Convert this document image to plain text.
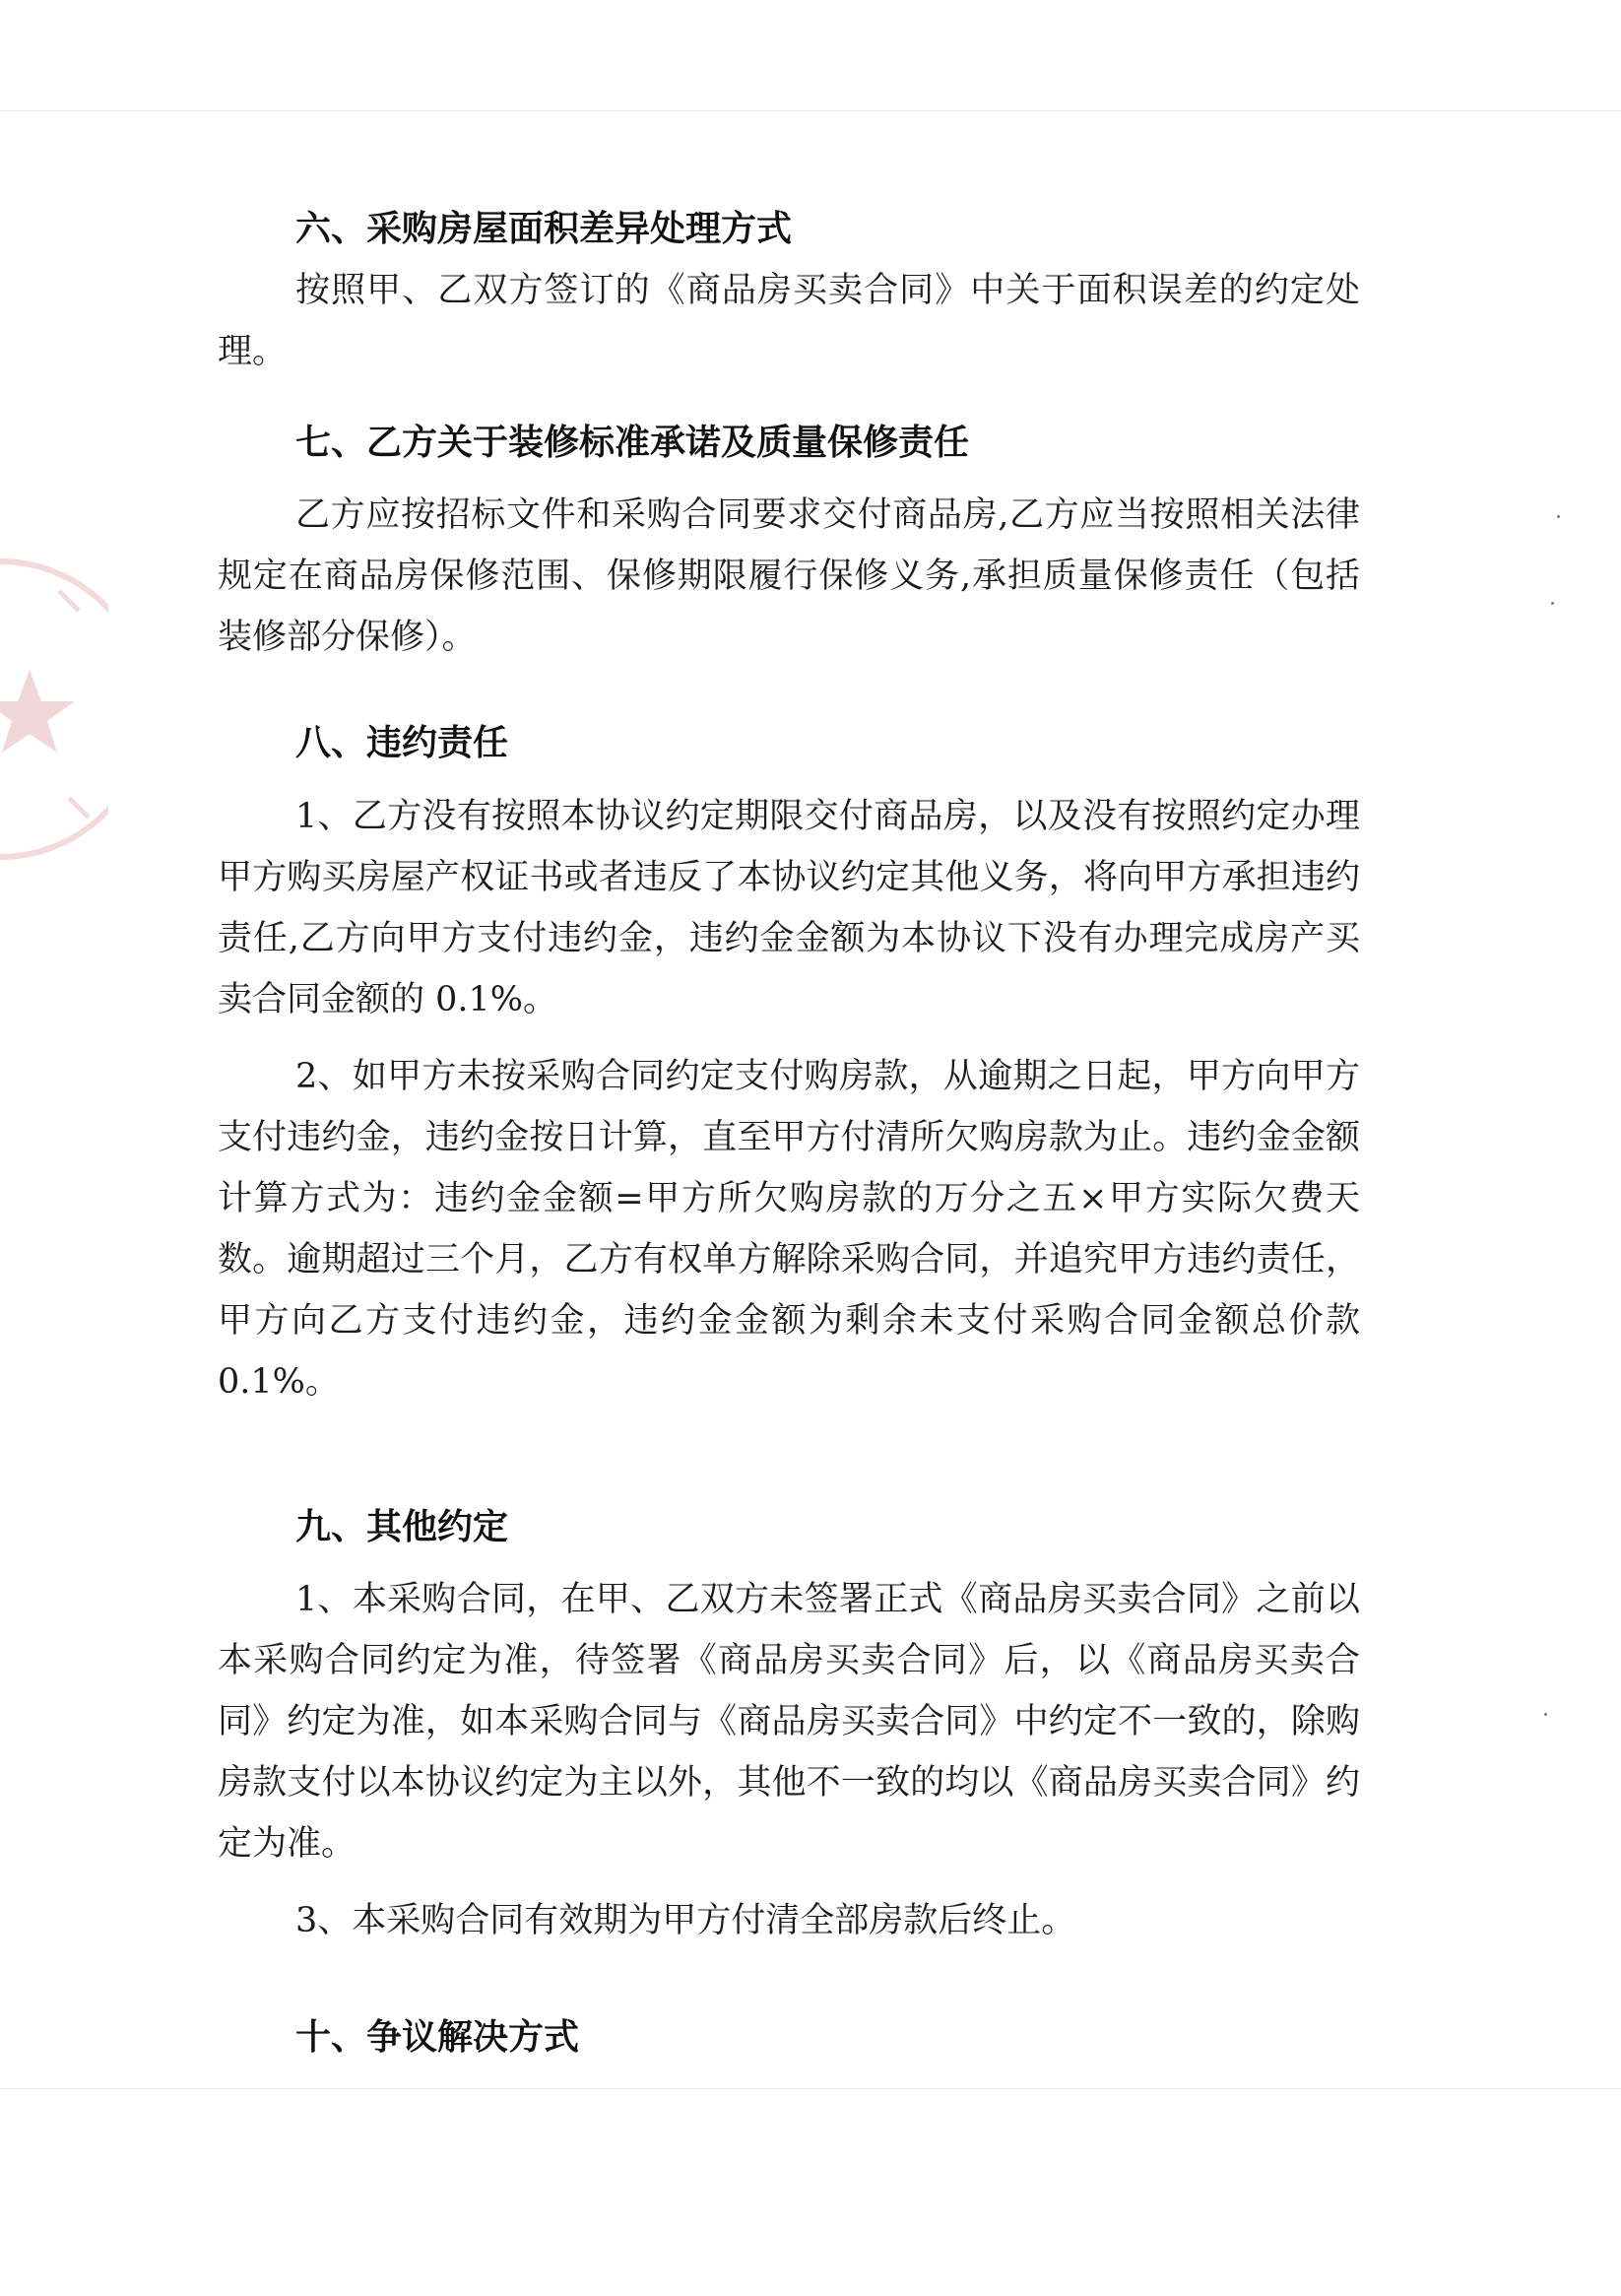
六、采购房屋面积差异处理方式

按照甲、乙双方签订的《商品房买卖合同》中关于面积误差的约定处理。

七、乙方关于装修标准承诺及质量保修责任

乙方应按招标文件和采购合同要求交付商品房,乙方应当按照相关法律规定在商品房保修范围、保修期限履行保修义务,承担质量保修责任（包括装修部分保修）。

八、违约责任

1、乙方没有按照本协议约定期限交付商品房，以及没有按照约定办理甲方购买房屋产权证书或者违反了本协议约定其他义务，将向甲方承担违约责任,乙方向甲方支付违约金，违约金金额为本协议下没有办理完成房产买卖合同金额的 0.1%。

2、如甲方未按采购合同约定支付购房款，从逾期之日起，甲方向甲方支付违约金，违约金按日计算，直至甲方付清所欠购房款为止。违约金金额计算方式为：违约金金额=甲方所欠购房款的万分之五×甲方实际欠费天数。逾期超过三个月，乙方有权单方解除采购合同，并追究甲方违约责任，甲方向乙方支付违约金，违约金金额为剩余未支付采购合同金额总价款 0.1%。

九、其他约定

1、本采购合同，在甲、乙双方未签署正式《商品房买卖合同》之前以本采购合同约定为准，待签署《商品房买卖合同》后，以《商品房买卖合同》约定为准，如本采购合同与《商品房买卖合同》中约定不一致的，除购房款支付以本协议约定为主以外，其他不一致的均以《商品房买卖合同》约定为准。

3、本采购合同有效期为甲方付清全部房款后终止。

十、争议解决方式
